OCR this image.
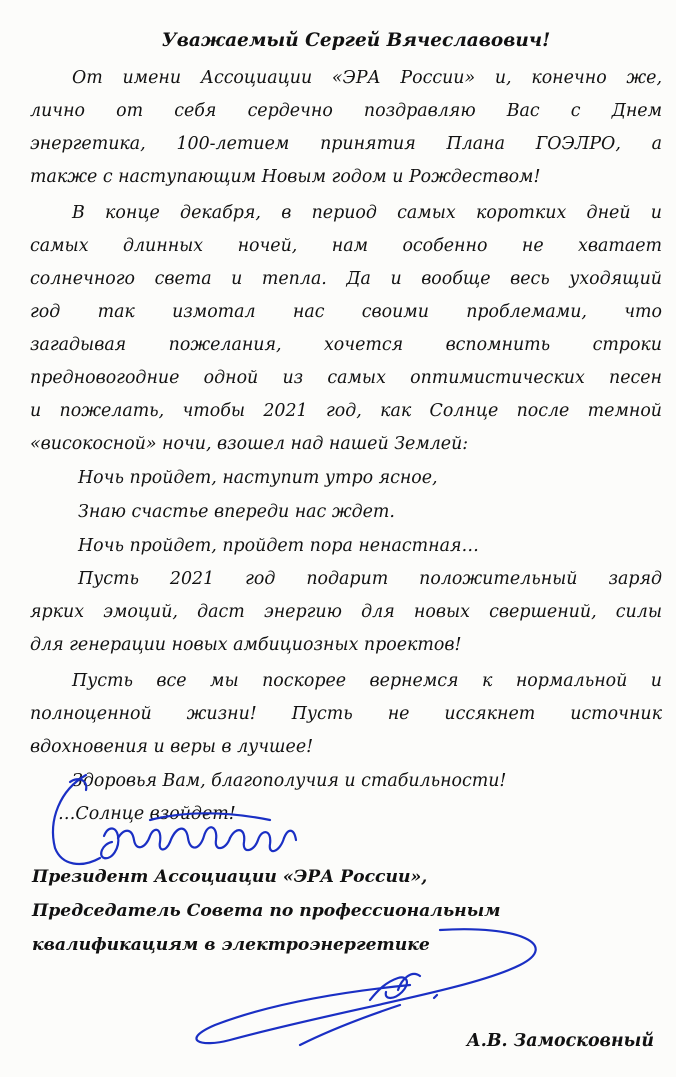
Уважаемый Сергей Вячеславович!
От имени Ассоциации «ЭРА России» и, конечно же,
лично от себя сердечно поздравляю Вас с Днем
энергетика, 100-летием принятия Плана ГОЭЛРО, а
также с наступающим Новым годом и Рождеством!
В конце декабря, в период самых коротких дней и
самых длинных ночей, нам особенно не хватает
солнечного света и тепла. Да и вообще весь уходящий
год так измотал нас своими проблемами, что
загадывая пожелания, хочется вспомнить строки
предновогодние одной из самых оптимистических песен
и пожелать, чтобы 2021 год, как Солнце после темной
«високосной» ночи, взошел над нашей Землей:
Ночь пройдет, наступит утро ясное,
Знаю счастье впереди нас ждет.
Ночь пройдет, пройдет пора ненастная…
Пусть 2021 год подарит положительный заряд
ярких эмоций, даст энергию для новых свершений, силы
для генерации новых амбициозных проектов!
Пусть все мы поскорее вернемся к нормальной и
полноценной жизни! Пусть не иссякнет источник
вдохновения и веры в лучшее!
Здоровья Вам, благополучия и стабильности!
…Солнце взойдет!
Президент Ассоциации «ЭРА России»,
Председатель Совета по профессиональным
квалификациям в электроэнергетике
А.В. Замосковный
